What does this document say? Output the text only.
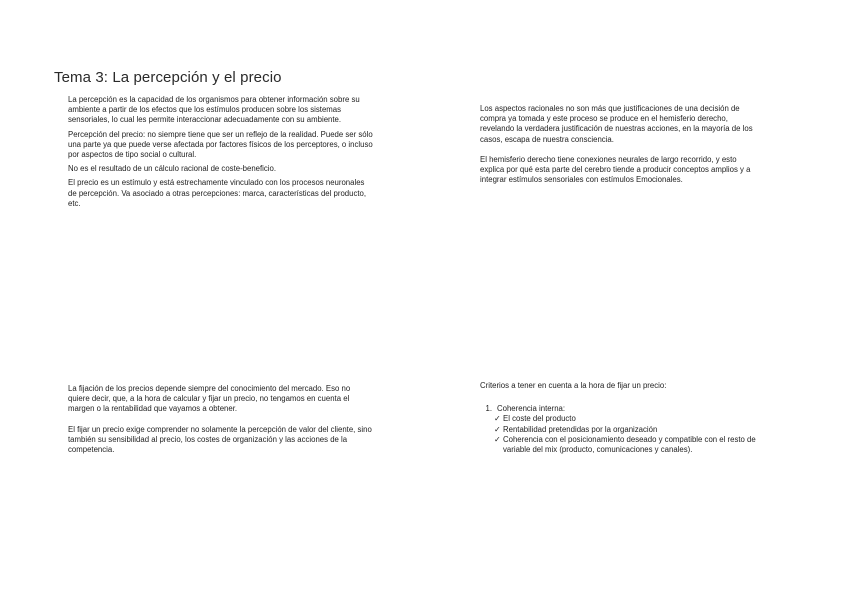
Tema 3: La percepción y el precio

La percepción es la capacidad de los organismos para obtener información sobre su ambiente a partir de los efectos que los estímulos producen sobre los sistemas sensoriales, lo cual les permite interaccionar adecuadamente con su ambiente.

Percepción del precio: no siempre tiene que ser un reflejo de la realidad. Puede ser sólo una parte ya que puede verse afectada por factores físicos de los perceptores, o incluso por aspectos de tipo social o cultural.

No es el resultado de un cálculo racional de coste-beneficio.

El precio es un estímulo y está estrechamente vinculado con los procesos neuronales de percepción. Va asociado a otras percepciones: marca, características del producto, etc.

Los aspectos racionales no son más que justificaciones de una decisión de compra ya tomada y este proceso se produce en el hemisferio derecho, revelando la verdadera justificación de nuestras acciones, en la mayoría de los casos, escapa de nuestra consciencia.

El hemisferio derecho tiene conexiones neurales de largo recorrido, y esto explica por qué esta parte del cerebro tiende a producir conceptos amplios y a integrar estímulos sensoriales con estímulos Emocionales.

La fijación de los precios depende siempre del conocimiento del mercado. Eso no quiere decir, que, a la hora de calcular y fijar un precio, no tengamos en cuenta el margen o la rentabilidad que vayamos a obtener.

El fijar un precio exige comprender no solamente la percepción de valor del cliente, sino también su sensibilidad al precio, los costes de organización y las acciones de la competencia.

Criterios a tener en cuenta a la hora de fijar un precio:

1. Coherencia interna:
✓ El coste del producto
✓ Rentabilidad pretendidas por la organización
✓ Coherencia con el posicionamiento deseado y compatible con el resto de variable del mix (producto, comunicaciones y canales).
